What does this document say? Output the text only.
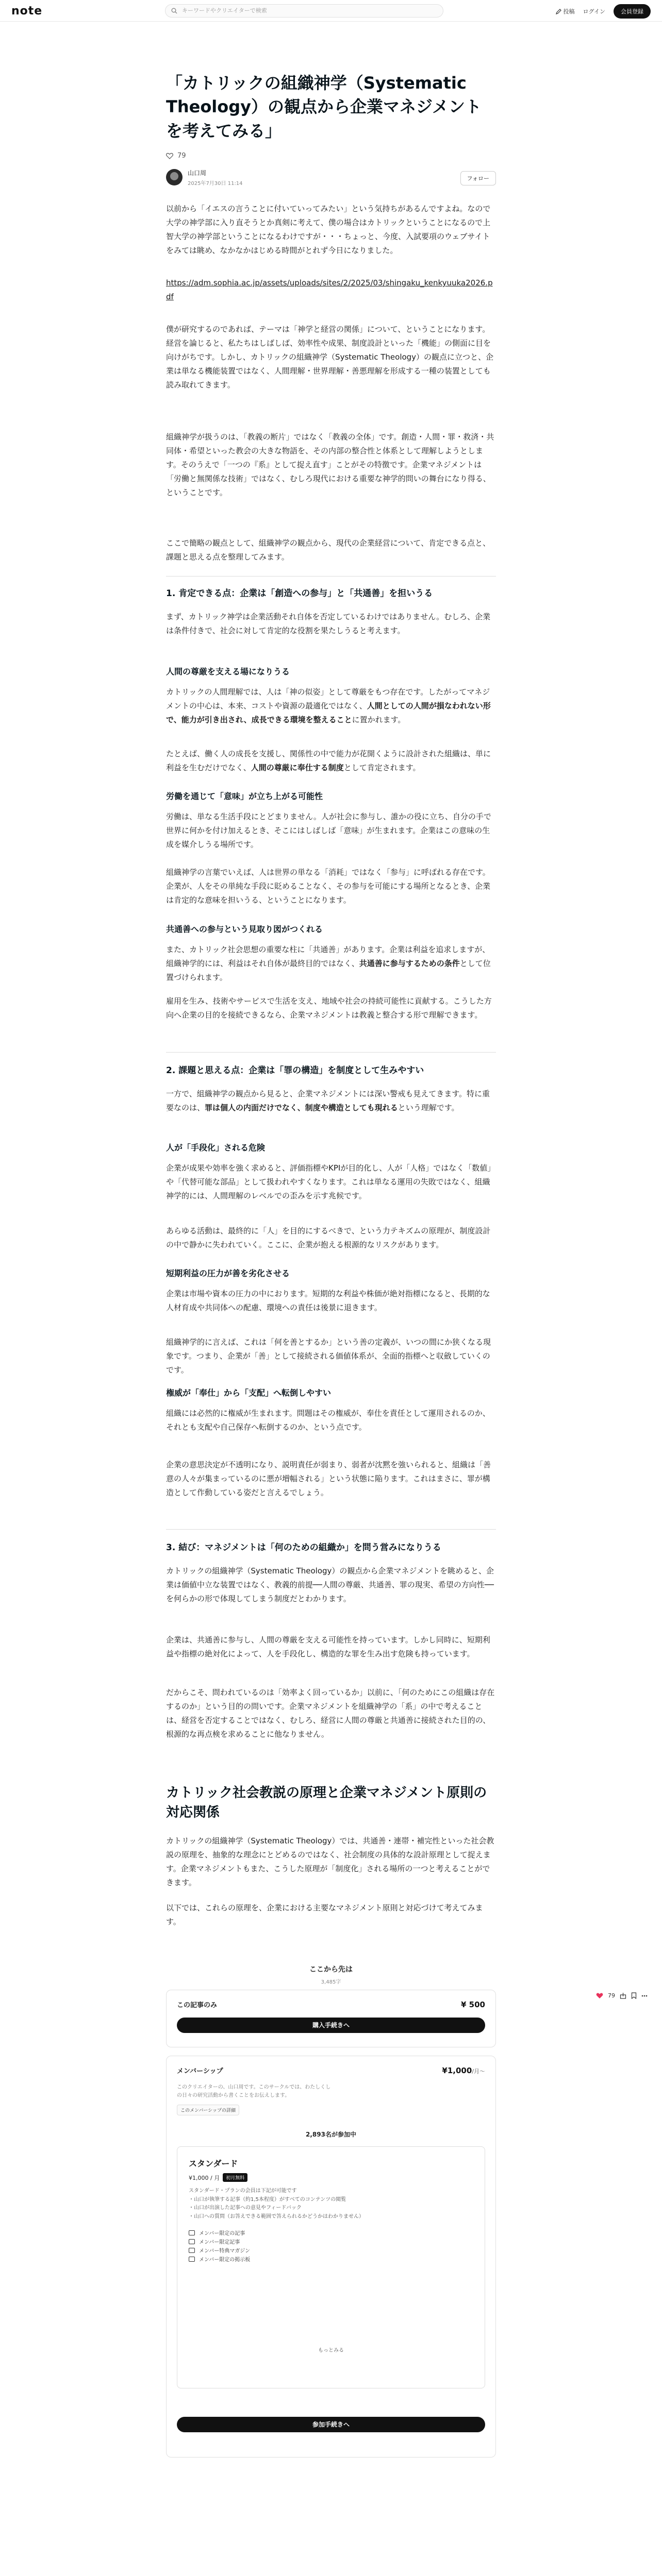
note
キーワードやクリエイターで検索	投稿 ログイン	会員登録
「カトリックの組織神学（Systematic Theology）の観点から企業マネジメントを考えてみる」
79
山口周
2025年7月30日 11:14
フォロー

以前から「イエスの言うことに付いていってみたい」という気持ちがあるんですよね。なので大学の神学部に入り直そうとか真剣に考えて、僕の場合はカトリックということになるので上智大学の神学部ということになるわけですが・・・ちょっと、今度、入試要項のウェブサイトをみては眺め、なかなかはじめる時間がとれず今日になりました。

https://adm.sophia.ac.jp/assets/uploads/sites/2/2025/03/shingaku_kenkyuuka2026.pdf

僕が研究するのであれば、テーマは「神学と経営の関係」について、ということになります。経営を論じると、私たちはしばしば、効率性や成果、制度設計といった「機能」の側面に目を向けがちです。しかし、カトリックの組織神学（Systematic Theology）の観点に立つと、企業は単なる機能装置ではなく、人間理解・世界理解・善悪理解を形成する一種の装置としても読み取れてきます。

組織神学が扱うのは、「教義の断片」ではなく「教義の全体」です。創造・人間・罪・救済・共同体・希望といった教会の大きな物語を、その内部の整合性と体系として理解しようとします。そのうえで「一つの『系』として捉え直す」ことがその特徴です。企業マネジメントは「労働と無関係な技術」ではなく、むしろ現代における重要な神学的問いの舞台になり得る、ということです。

ここで簡略の観点として、組織神学の観点から、現代の企業経営について、肯定できる点と、課題と思える点を整理してみます。

1. 肯定できる点：企業は「創造への参与」と「共通善」を担いうる

まず、カトリック神学は企業活動それ自体を否定しているわけではありません。むしろ、企業は条件付きで、社会に対して肯定的な役割を果たしうると考えます。

人間の尊厳を支える場になりうる

カトリックの人間理解では、人は「神の似姿」として尊厳をもつ存在です。したがってマネジメントの中心は、本来、コストや資源の最適化ではなく、人間としての人間が損なわれない形で、能力が引き出され、成長できる環境を整えることに置かれます。

たとえば、働く人の成長を支援し、関係性の中で能力が花開くように設計された組織は、単に利益を生むだけでなく、人間の尊厳に奉仕する制度として肯定されます。

労働を通じて「意味」が立ち上がる可能性

労働は、単なる生活手段にとどまりません。人が社会に参与し、誰かの役に立ち、自分の手で世界に何かを付け加えるとき、そこにはしばしば「意味」が生まれます。企業はこの意味の生成を媒介しうる場所です。

組織神学の言葉でいえば、人は世界の単なる「消耗」ではなく「参与」に呼ばれる存在です。企業が、人をその単純な手段に貶めることなく、その参与を可能にする場所となるとき、企業は肯定的な意味を担いうる、ということになります。

共通善への参与という見取り図がつくれる

また、カトリック社会思想の重要な柱に「共通善」があります。企業は利益を追求しますが、組織神学的には、利益はそれ自体が最終目的ではなく、共通善に参与するための条件として位置づけられます。

雇用を生み、技術やサービスで生活を支え、地域や社会の持続可能性に貢献する。こうした方向へ企業の目的を接続できるなら、企業マネジメントは教義と整合する形で理解できます。

2. 課題と思える点：企業は「罪の構造」を制度として生みやすい

一方で、組織神学の観点から見ると、企業マネジメントには深い警戒も見えてきます。特に重要なのは、罪は個人の内面だけでなく、制度や構造としても現れるという理解です。

人が「手段化」される危険

企業が成果や効率を強く求めると、評価指標やKPIが目的化し、人が「人格」ではなく「数値」や「代替可能な部品」として扱われやすくなります。これは単なる運用の失敗ではなく、組織神学的には、人間理解のレベルでの歪みを示す兆候です。

あらゆる活動は、最終的に「人」を目的にするべきで、という力テキズムの原理が、制度設計の中で静かに失われていく。ここに、企業が抱える根源的なリスクがあります。

短期利益の圧力が善を劣化させる

企業は市場や資本の圧力の中におります。短期的な利益や株価が絶対指標になると、長期的な人材育成や共同体への配慮、環境への責任は後景に退きます。

組織神学的に言えば、これは「何を善とするか」という善の定義が、いつの間にか狭くなる現象です。つまり、企業が「善」として接続される価値体系が、全面的指標へと収斂していくのです。

権威が「奉仕」から「支配」へ転倒しやすい

組織には必然的に権威が生まれます。問題はその権威が、奉仕を責任として運用されるのか、それとも支配や自己保存へ転倒するのか、という点です。

企業の意思決定が不透明になり、説明責任が弱まり、弱者が沈黙を強いられると、組織は「善意の人々が集まっているのに悪が増幅される」という状態に陥ります。これはまさに、罪が構造として作動している姿だと言えるでしょう。

3. 結び：マネジメントは「何のための組織か」を問う営みになりうる

カトリックの組織神学（Systematic Theology）の観点から企業マネジメントを眺めると、企業は価値中立な装置ではなく、教義的前提──人間の尊厳、共通善、罪の現実、希望の方向性──を何らかの形で体現してしまう制度だとわかります。

企業は、共通善に参与し、人間の尊厳を支える可能性を持っています。しかし同時に、短期利益や指標の絶対化によって、人を手段化し、構造的な罪を生み出す危険も持っています。

だからこそ、問われているのは「効率よく回っているか」以前に、「何のためにこの組織は存在するのか」という目的の問いです。企業マネジメントを組織神学の「系」の中で考えることは、経営を否定することではなく、むしろ、経営に人間の尊厳と共通善に接続された目的の、根源的な再点検を求めることに他なりません。

カトリック社会教説の原理と企業マネジメント原則の対応関係

カトリックの組織神学（Systematic Theology）では、共通善・連帯・補完性といった社会教説の原理を、抽象的な理念にとどめるのではなく、社会制度の具体的な設計原理として捉えます。企業マネジメントもまた、こうした原理が「制度化」される場所の一つと考えることができます。

以下では、これらの原理を、企業における主要なマネジメント原則と対応づけて考えてみます。

ここから先は
3,485字
この記事のみ	¥ 500
購入手続きへ
メンバーシップ	¥1,000/月〜

このクリエイターの、山口周です。このサークルでは、わたしくしの日々の研究活動から書くことをお伝えします。

このメンバーシップの詳細
2,893名が参加中
スタンダード
¥1,000 / 月	初月無料
スタンダード・プランの会員は下記が可能です
・山口が執筆する記事（約1,5本程度）がすべてのコンテンツの閲覧
・山口が出演した記事への意見やフィードバック
・山口への質問（お答えできる範囲で答えられるかどうかはわかりません）
メンバー限定の記事
メンバー限定記事
メンバー特典マガジン
メンバー限定の掲示板
もっとみる
参加手続きへ
79
